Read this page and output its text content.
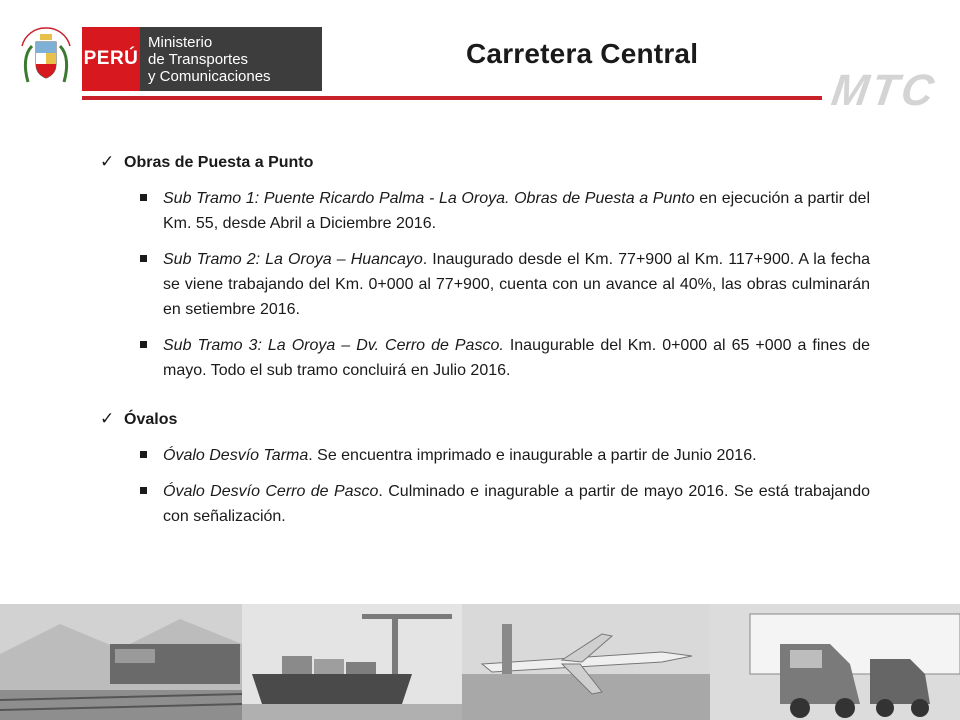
PERÚ
Ministerio
de Transportes
y Comunicaciones
Carretera Central
MTC
✓ Obras de Puesta a Punto
Sub Tramo 1: Puente Ricardo Palma - La Oroya. Obras de Puesta a Punto en ejecución a partir del Km. 55, desde Abril a Diciembre 2016.
Sub Tramo 2: La Oroya – Huancayo. Inaugurado desde el Km. 77+900 al Km. 117+900. A la fecha se viene trabajando del Km. 0+000 al 77+900, cuenta con un avance al 40%, las obras culminarán en setiembre 2016.
Sub Tramo 3: La Oroya – Dv. Cerro de Pasco. Inaugurable del Km. 0+000 al 65 +000 a fines de mayo. Todo el sub tramo concluirá en Julio 2016.
✓ Óvalos
Óvalo Desvío Tarma. Se encuentra imprimado e inaugurable a partir de Junio 2016.
Óvalo Desvío Cerro de Pasco. Culminado e inagurable a partir de mayo 2016. Se está trabajando con señalización.
